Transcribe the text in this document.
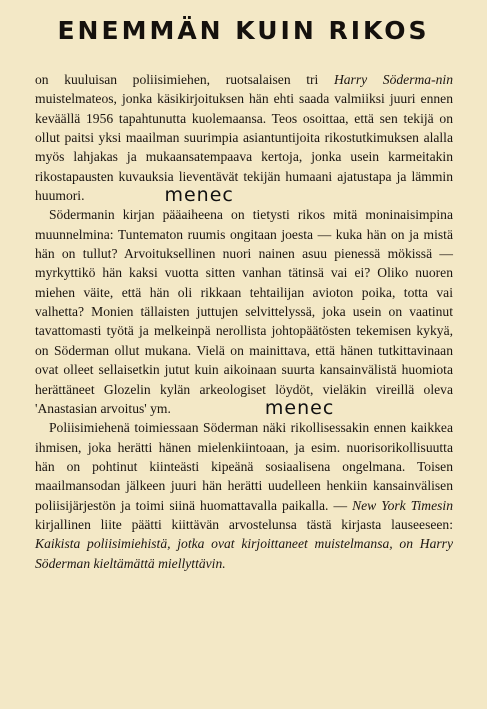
ENEMMÄN KUIN RIKOS

on kuuluisan poliisimiehen, ruotsalaisen tri Harry Söderma-nin muistelmateos, jonka käsikirjoituksen hän ehti saada valmiiksi juuri ennen keväällä 1956 tapahtunutta kuolemaansa. Teos osoittaa, että sen tekijä on ollut paitsi yksi maailman suurimpia asiantuntijoita rikostutkimuksen alalla myös lahjakas ja mukaansatempaava kertoja, jonka usein karmeitakin rikostapausten kuvauksia lieventävät tekijän humaani ajatustapa ja lämmin huumori.	menec

Södermanin kirjan pääaiheena on tietysti rikos mitä moninaisimpina muunnelmina: Tuntematon ruumis ongitaan joesta — kuka hän on ja mistä hän on tullut? Arvoituksellinen nuori nainen asuu pienessä mökissä — myrkyttikö hän kaksi vuotta sitten vanhan tätinsä vai ei? Oliko nuoren miehen väite, että hän oli rikkaan tehtailijan avioton poika, totta vai valhetta? Monien tällaisten juttujen selvittelyssä, joka usein on vaatinut tavattomasti työtä ja melkeinpä nerollista johtopäätösten tekemisen kykyä, on Söderman ollut mukana. Vielä on mainittava, että hänen tutkittavinaan ovat olleet sellaisetkin jutut kuin aikoinaan suurta kansainvälistä huomiota herättäneet Glozelin kylän arkeologiset löydöt, vieläkin vireillä oleva 'Anastasian arvoitus' ym.	menec

Poliisimiehenä toimiessaan Söderman näki rikollisessakin ennen kaikkea ihmisen, joka herätti hänen mielenkiintoaan, ja esim. nuorisorikollisuutta hän on pohtinut kiinteästi kipeänä sosiaalisena ongelmana. Toisen maailmansodan jälkeen juuri hän herätti uudelleen henkiin kansainvälisen poliisijärjestön ja toimi siinä huomattavalla paikalla. — New York Timesin kirjallinen liite päätti kiittävän arvostelunsa tästä kirjasta lauseeseen: Kaikista poliisimiehistä, jotka ovat kirjoittaneet muistelmansa, on Harry Söderman kieltämättä miellyttävin.
